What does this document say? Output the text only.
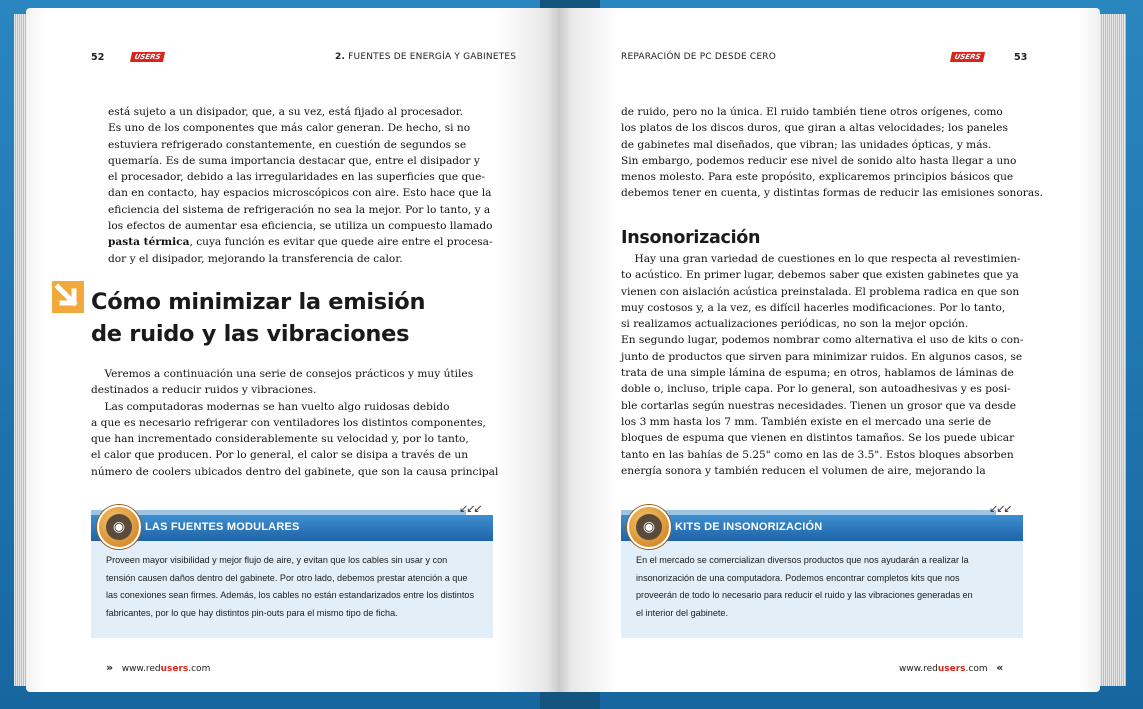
52	USERS	2. FUENTES DE ENERGÍA Y GABINETES
está sujeto a un disipador, que, a su vez, está fijado al procesador.
Es uno de los componentes que más calor generan. De hecho, si no
estuviera refrigerado constantemente, en cuestión de segundos se
quemaría. Es de suma importancia destacar que, entre el disipador y
el procesador, debido a las irregularidades en las superficies que que-
dan en contacto, hay espacios microscópicos con aire. Esto hace que la
eficiencia del sistema de refrigeración no sea la mejor. Por lo tanto, y a
los efectos de aumentar esa eficiencia, se utiliza un compuesto llamado
pasta térmica, cuya función es evitar que quede aire entre el procesa-
dor y el disipador, mejorando la transferencia de calor.
Cómo minimizar la emisión
de ruido y las vibraciones
Veremos a continuación una serie de consejos prácticos y muy útiles
destinados a reducir ruidos y vibraciones.
Las computadoras modernas se han vuelto algo ruidosas debido
a que es necesario refrigerar con ventiladores los distintos componentes,
que han incrementado considerablemente su velocidad y, por lo tanto,
el calor que producen. Por lo general, el calor se disipa a través de un
número de coolers ubicados dentro del gabinete, que son la causa principal
↙↙↙
◉	LAS FUENTES MODULARES
Proveen mayor visibilidad y mejor flujo de aire, y evitan que los cables sin usar y con
tensión causen daños dentro del gabinete. Por otro lado, debemos prestar atención a que
las conexiones sean firmes. Además, los cables no están estandarizados entre los distintos
fabricantes, por lo que hay distintos pin-outs para el mismo tipo de ficha.
» www.redusers.com
REPARACIÓN DE PC DESDE CERO	USERS	53
de ruido, pero no la única. El ruido también tiene otros orígenes, como
los platos de los discos duros, que giran a altas velocidades; los paneles
de gabinetes mal diseñados, que vibran; las unidades ópticas, y más.
Sin embargo, podemos reducir ese nivel de sonido alto hasta llegar a uno
menos molesto. Para este propósito, explicaremos principios básicos que
debemos tener en cuenta, y distintas formas de reducir las emisiones sonoras.
Insonorización
Hay una gran variedad de cuestiones en lo que respecta al revestimien-
to acústico. En primer lugar, debemos saber que existen gabinetes que ya
vienen con aislación acústica preinstalada. El problema radica en que son
muy costosos y, a la vez, es difícil hacerles modificaciones. Por lo tanto,
si realizamos actualizaciones periódicas, no son la mejor opción.
En segundo lugar, podemos nombrar como alternativa el uso de kits o con-
junto de productos que sirven para minimizar ruidos. En algunos casos, se
trata de una simple lámina de espuma; en otros, hablamos de láminas de
doble o, incluso, triple capa. Por lo general, son autoadhesivas y es posi-
ble cortarlas según nuestras necesidades. Tienen un grosor que va desde
los 3 mm hasta los 7 mm. También existe en el mercado una serie de
bloques de espuma que vienen en distintos tamaños. Se los puede ubicar
tanto en las bahías de 5.25" como en las de 3.5". Estos bloques absorben
energía sonora y también reducen el volumen de aire, mejorando la
↙↙↙
◉	KITS DE INSONORIZACIÓN
En el mercado se comercializan diversos productos que nos ayudarán a realizar la
insonorización de una computadora. Podemos encontrar completos kits que nos
proveerán de todo lo necesario para reducir el ruido y las vibraciones generadas en
el interior del gabinete.
www.redusers.com «
